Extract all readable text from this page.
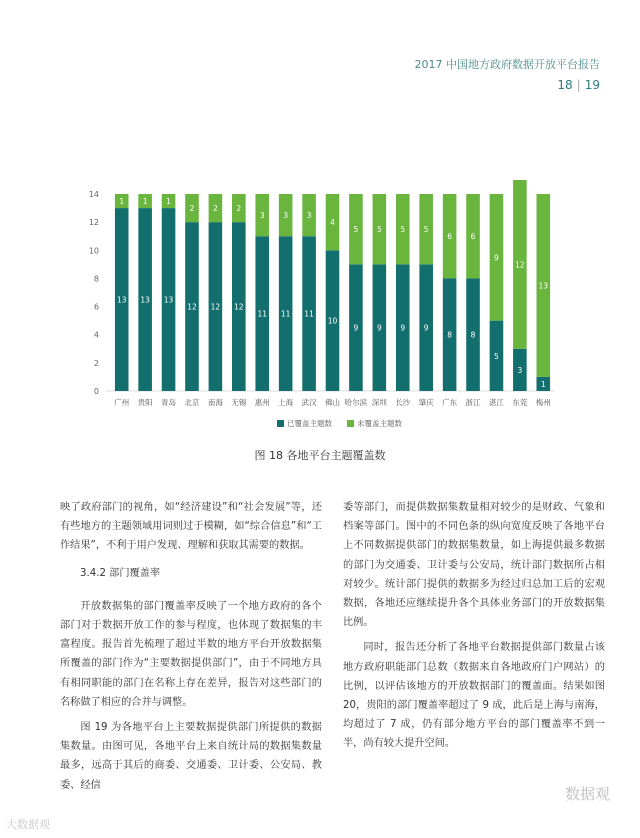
2017 中国地方政府数据开放平台报告
18 | 19
0
2
4
6
8
10
12
14
13
1
广州
13
1
贵阳
13
1
青岛
12
2
北京
12
2
南海
12
2
无锡
11
3
惠州
11
3
上海
11
3
武汉
10
4
佛山
9
5
哈尔滨
9
5
深圳
9
5
长沙
9
5
肇庆
8
6
广东
8
6
浙江
5
9
湛江
3
12
东莞
1
13
梅州
已覆盖主题数	未覆盖主题数
图 18 各地平台主题覆盖数

映了政府部门的视角，如“经济建设”和“社会发展”等，还有些地方的主题领域用词则过于模糊，如“综合信息”和“工作结果”，不利于用户发现、理解和获取其需要的数据。

3.4.2 部门覆盖率

开放数据集的部门覆盖率反映了一个地方政府的各个部门对于数据开放工作的参与程度，也体现了数据集的丰富程度。报告首先梳理了超过半数的地方平台开放数据集所覆盖的部门作为“主要数据提供部门”，由于不同地方具有相同职能的部门在名称上存在差异，报告对这些部门的名称做了相应的合并与调整。

图 19 为各地平台上主要数据提供部门所提供的数据集数量。由图可见，各地平台上来自统计局的数据集数量最多，远高于其后的商委、交通委、卫计委、公安局、教委、经信

委等部门，而提供数据集数量相对较少的是财政、气象和档案等部门。图中的不同色条的纵向宽度反映了各地平台上不同数据提供部门的数据集数量，如上海提供最多数据的部门为交通委、卫计委与公安局，统计部门数据所占相对较少。统计部门提供的数据多为经过归总加工后的宏观数据，各地还应继续提升各个具体业务部门的开放数据集比例。

同时，报告还分析了各地平台数据提供部门数量占该地方政府职能部门总数（数据来自各地政府门户网站）的比例，以评估该地方的开放数据部门的覆盖面。结果如图 20，贵阳的部门覆盖率超过了 9 成，此后是上海与南海，均超过了 7 成，仍有部分地方平台的部门覆盖率不到一半，尚有较大提升空间。

大数据观
数据观
